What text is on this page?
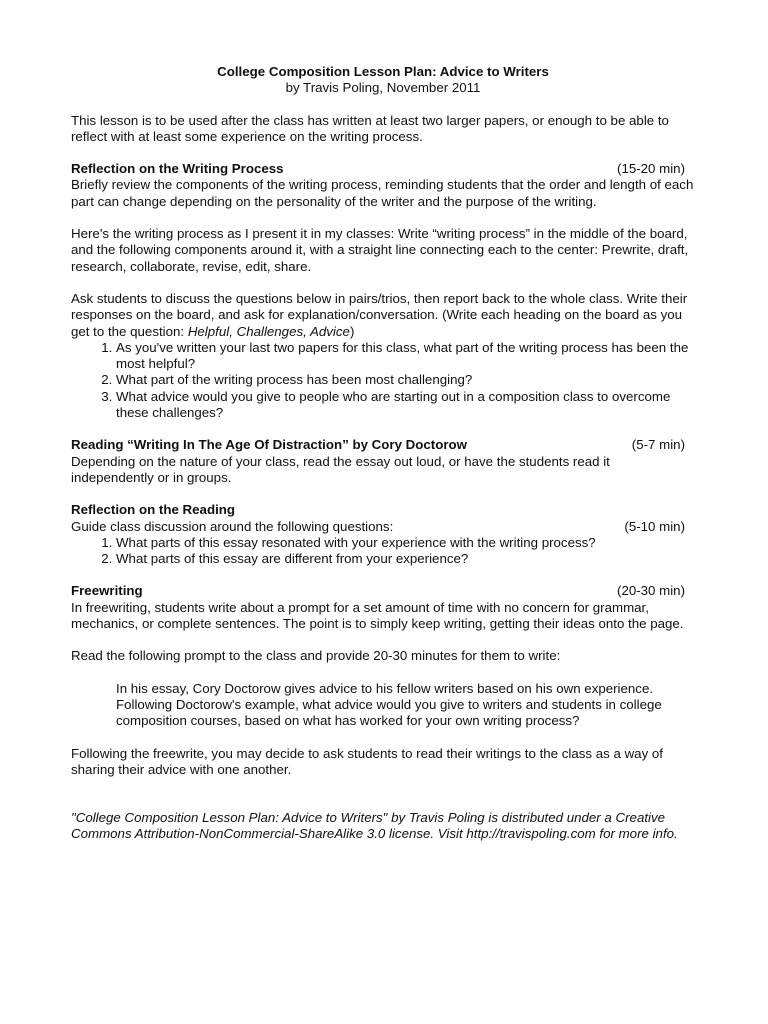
College Composition Lesson Plan: Advice to Writers
by Travis Poling, November 2011

This lesson is to be used after the class has written at least two larger papers, or enough to be able to reflect with at least some experience on the writing process.

Reflection on the Writing Process	(15-20 min)

Briefly review the components of the writing process, reminding students that the order and length of each part can change depending on the personality of the writer and the purpose of the writing.

Here's the writing process as I present it in my classes: Write “writing process” in the middle of the board, and the following components around it, with a straight line connecting each to the center: Prewrite, draft, research, collaborate, revise, edit, share.

Ask students to discuss the questions below in pairs/trios, then report back to the whole class. Write their responses on the board, and ask for explanation/conversation. (Write each heading on the board as you get to the question: Helpful, Challenges, Advice)
1. As you've written your last two papers for this class, what part of the writing process has been the most helpful?
2. What part of the writing process has been most challenging?
3. What advice would you give to people who are starting out in a composition class to overcome these challenges?
Reading “Writing In The Age Of Distraction” by Cory Doctorow	(5-7 min)
Depending on the nature of your class, read the essay out loud, or have the students read it independently or in groups.
Reflection on the Reading
Guide class discussion around the following questions:	(5-10 min)
1. What parts of this essay resonated with your experience with the writing process?
2. What parts of this essay are different from your experience?
Freewriting	(20-30 min)

In freewriting, students write about a prompt for a set amount of time with no concern for grammar, mechanics, or complete sentences. The point is to simply keep writing, getting their ideas onto the page.

Read the following prompt to the class and provide 20-30 minutes for them to write:

In his essay, Cory Doctorow gives advice to his fellow writers based on his own experience. Following Doctorow's example, what advice would you give to writers and students in college composition courses, based on what has worked for your own writing process?
Following the freewrite, you may decide to ask students to read their writings to the class as a way of sharing their advice with one another.
"College Composition Lesson Plan: Advice to Writers" by Travis Poling is distributed under a Creative Commons Attribution-NonCommercial-ShareAlike 3.0 license. Visit http://travispoling.com for more info.
